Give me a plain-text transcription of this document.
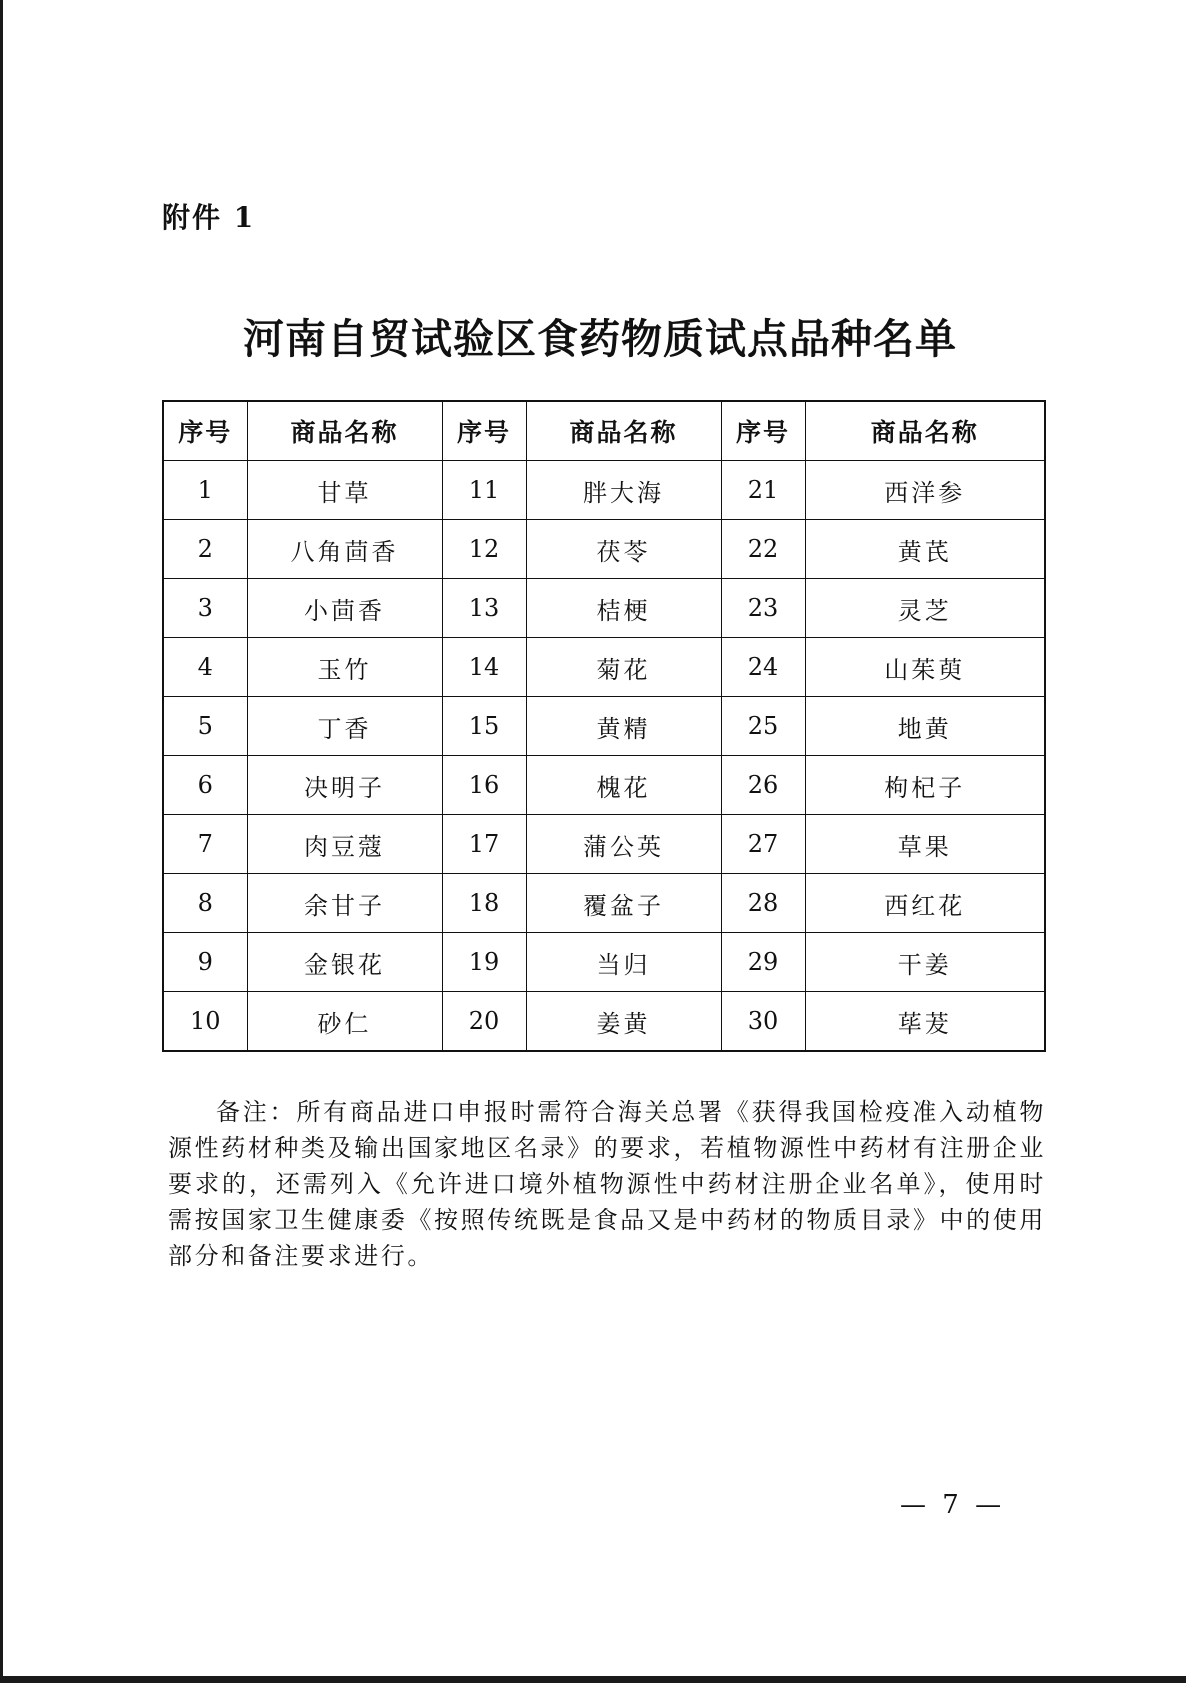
附件 1
河南自贸试验区食药物质试点品种名单
序号	商品名称	序号	商品名称	序号	商品名称
1	甘草	11	胖大海	21	西洋参
2	八角茴香	12	茯苓	22	黄芪
3	小茴香	13	桔梗	23	灵芝
4	玉竹	14	菊花	24	山茱萸
5	丁香	15	黄精	25	地黄
6	决明子	16	槐花	26	枸杞子
7	肉豆蔻	17	蒲公英	27	草果
8	余甘子	18	覆盆子	28	西红花
9	金银花	19	当归	29	干姜
10	砂仁	20	姜黄	30	荜茇
备注：所有商品进口申报时需符合海关总署《获得我国检疫准入动植物源性药材种类及输出国家地区名录》的要求，若植物源性中药材有注册企业要求的，还需列入《允许进口境外植物源性中药材注册企业名单》，使用时需按国家卫生健康委《按照传统既是食品又是中药材的物质目录》中的使用部分和备注要求进行。
— 7 —
